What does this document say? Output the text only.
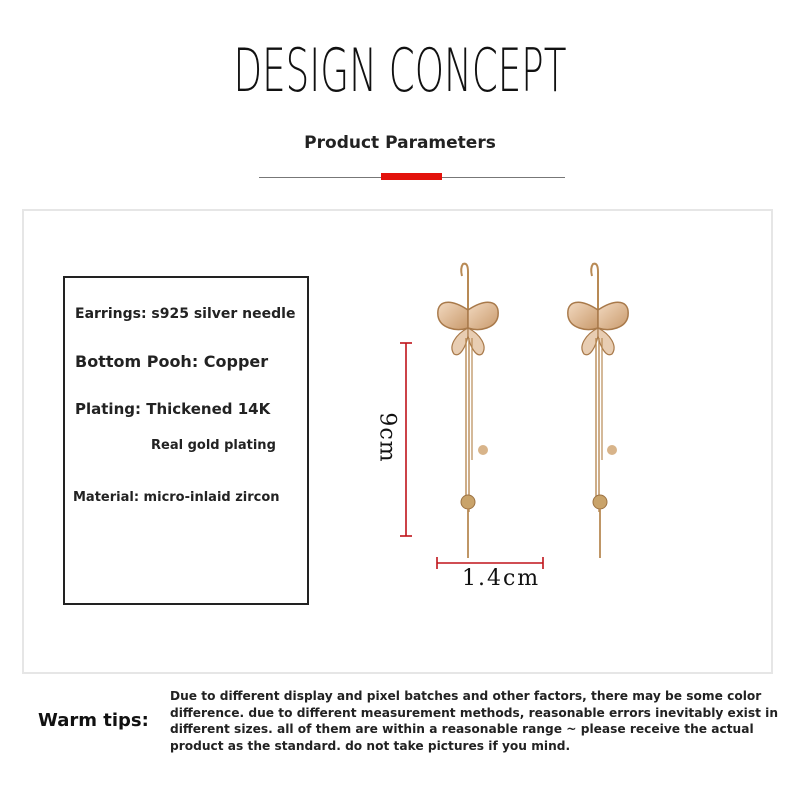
DESIGN CONCEPT
Product Parameters
Earrings: s925 silver needle
Bottom Pooh: Copper
Plating: Thickened 14K
Real gold plating
Material: micro-inlaid zircon
9cm
1.4cm
Warm tips:
Due to different display and pixel batches and other factors, there may be some color difference. due to different measurement methods, reasonable errors inevitably exist in different sizes. all of them are within a reasonable range ~ please receive the actual product as the standard. do not take pictures if you mind.
